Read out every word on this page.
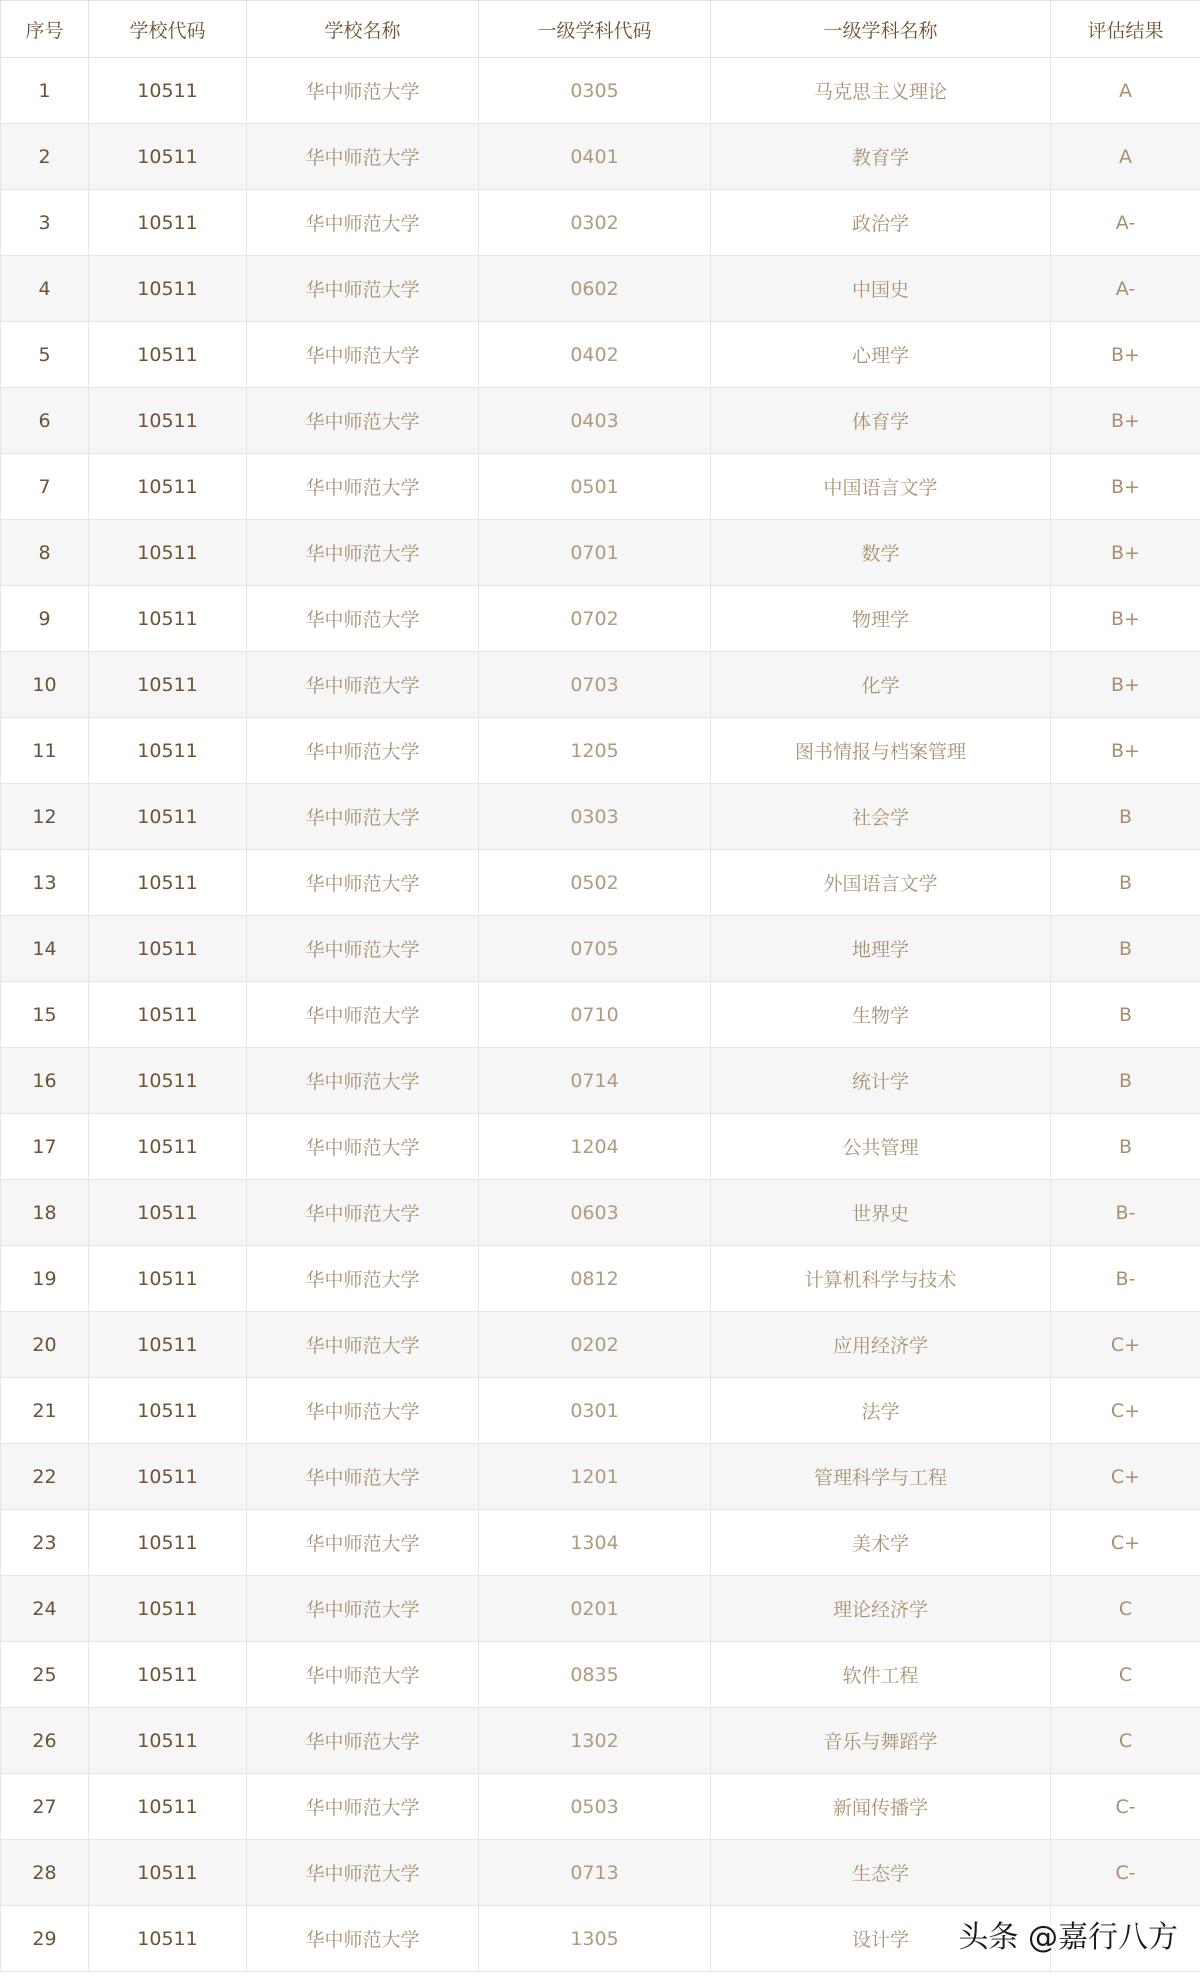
序号	学校代码	学校名称	一级学科代码	一级学科名称	评估结果
1	10511	华中师范大学	0305	马克思主义理论	A
2	10511	华中师范大学	0401	教育学	A
3	10511	华中师范大学	0302	政治学	A-
4	10511	华中师范大学	0602	中国史	A-
5	10511	华中师范大学	0402	心理学	B+
6	10511	华中师范大学	0403	体育学	B+
7	10511	华中师范大学	0501	中国语言文学	B+
8	10511	华中师范大学	0701	数学	B+
9	10511	华中师范大学	0702	物理学	B+
10	10511	华中师范大学	0703	化学	B+
11	10511	华中师范大学	1205	图书情报与档案管理	B+
12	10511	华中师范大学	0303	社会学	B
13	10511	华中师范大学	0502	外国语言文学	B
14	10511	华中师范大学	0705	地理学	B
15	10511	华中师范大学	0710	生物学	B
16	10511	华中师范大学	0714	统计学	B
17	10511	华中师范大学	1204	公共管理	B
18	10511	华中师范大学	0603	世界史	B-
19	10511	华中师范大学	0812	计算机科学与技术	B-
20	10511	华中师范大学	0202	应用经济学	C+
21	10511	华中师范大学	0301	法学	C+
22	10511	华中师范大学	1201	管理科学与工程	C+
23	10511	华中师范大学	1304	美术学	C+
24	10511	华中师范大学	0201	理论经济学	C
25	10511	华中师范大学	0835	软件工程	C
26	10511	华中师范大学	1302	音乐与舞蹈学	C
27	10511	华中师范大学	0503	新闻传播学	C-
28	10511	华中师范大学	0713	生态学	C-
29	10511	华中师范大学	1305	设计学	头条 @嘉行八方
